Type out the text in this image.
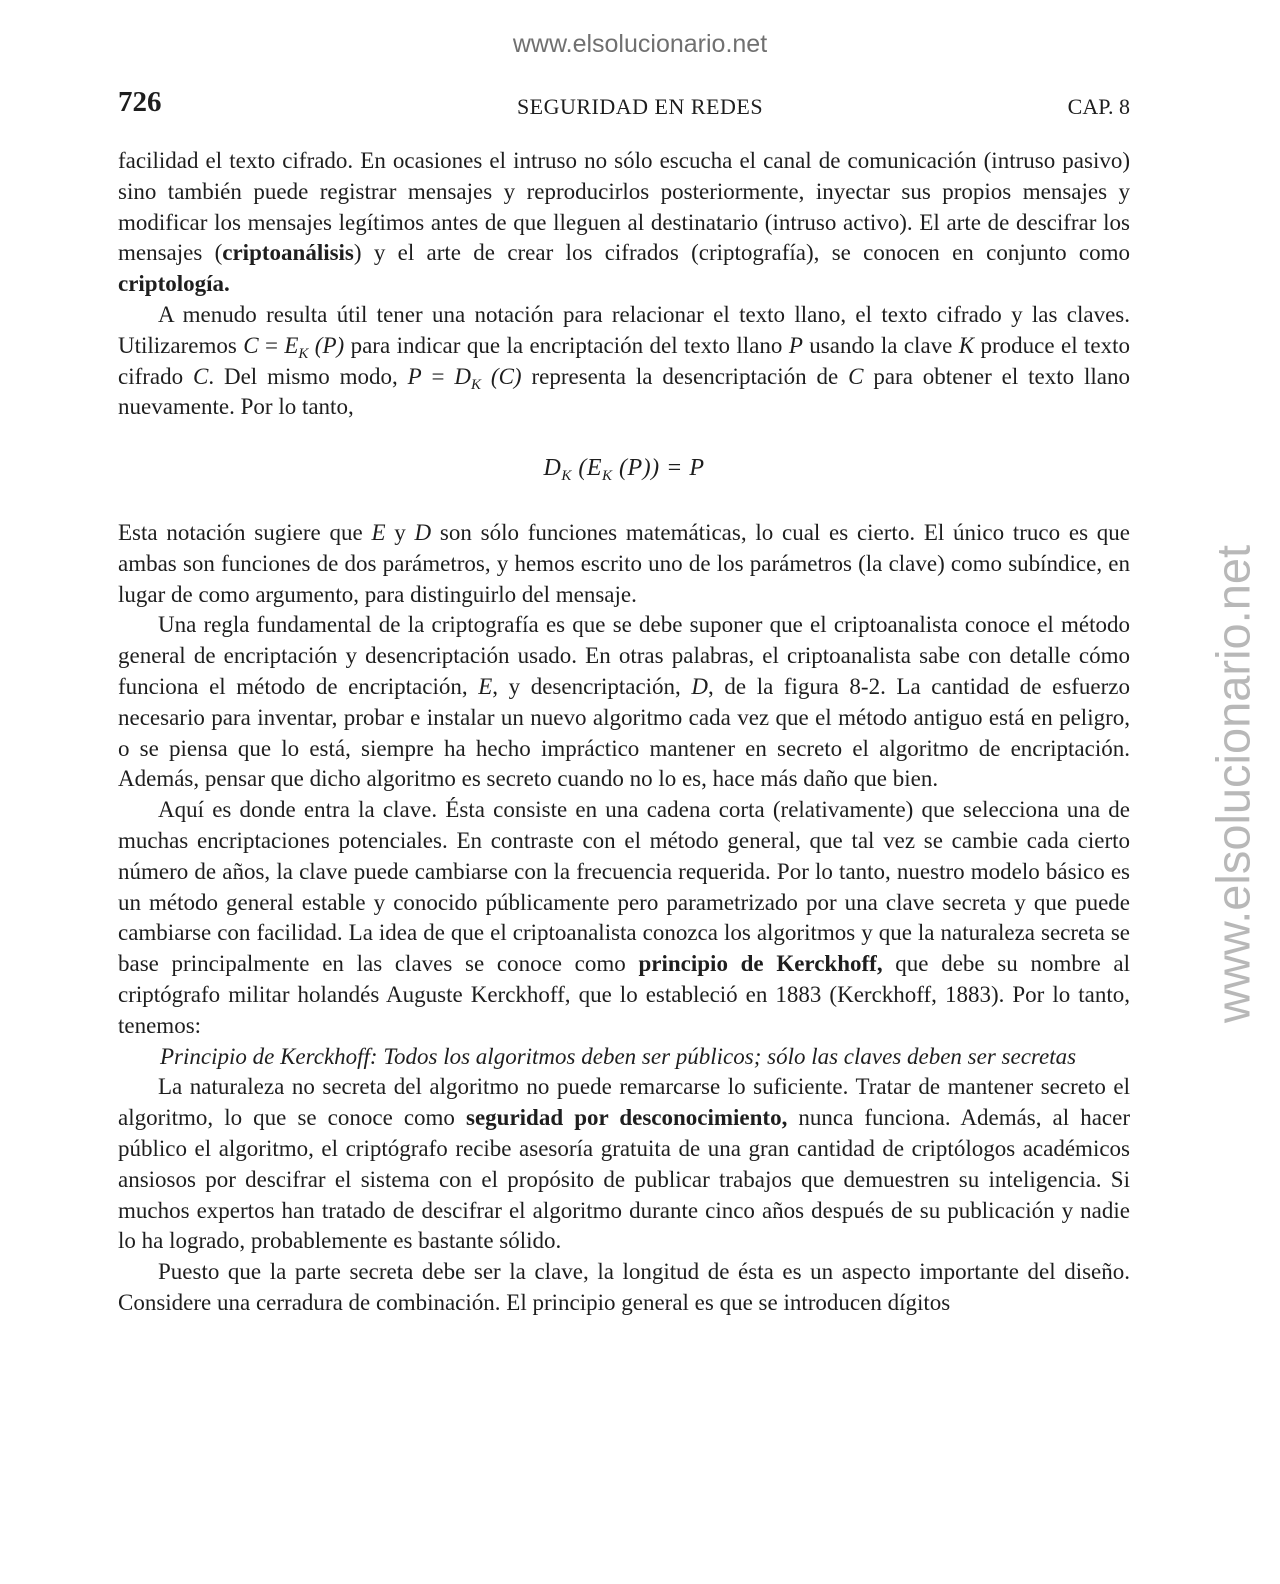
www.elsolucionario.net
www.elsolucionario.net
726	SEGURIDAD EN REDES	CAP. 8

facilidad el texto cifrado. En ocasiones el intruso no sólo escucha el canal de comunicación (intruso pasivo) sino también puede registrar mensajes y reproducirlos posteriormente, inyectar sus propios mensajes y modificar los mensajes legítimos antes de que lleguen al destinatario (intruso activo). El arte de descifrar los mensajes (criptoanálisis) y el arte de crear los cifrados (criptografía), se conocen en conjunto como criptología.

A menudo resulta útil tener una notación para relacionar el texto llano, el texto cifrado y las claves. Utilizaremos $C = E_K$ (P) para indicar que la encriptación del texto llano P usando la clave K produce el texto cifrado C. Del mismo modo, $P = D_K$ (C) representa la desencriptación de C para obtener el texto llano nuevamente. Por lo tanto,

$D_K$ ($E_K$ (P)) = P

Esta notación sugiere que E y D son sólo funciones matemáticas, lo cual es cierto. El único truco es que ambas son funciones de dos parámetros, y hemos escrito uno de los parámetros (la clave) como subíndice, en lugar de como argumento, para distinguirlo del mensaje.

Una regla fundamental de la criptografía es que se debe suponer que el criptoanalista conoce el método general de encriptación y desencriptación usado. En otras palabras, el criptoanalista sabe con detalle cómo funciona el método de encriptación, E, y desencriptación, D, de la figura 8-2. La cantidad de esfuerzo necesario para inventar, probar e instalar un nuevo algoritmo cada vez que el método antiguo está en peligro, o se piensa que lo está, siempre ha hecho impráctico mantener en secreto el algoritmo de encriptación. Además, pensar que dicho algoritmo es secreto cuando no lo es, hace más daño que bien.

Aquí es donde entra la clave. Ésta consiste en una cadena corta (relativamente) que selecciona una de muchas encriptaciones potenciales. En contraste con el método general, que tal vez se cambie cada cierto número de años, la clave puede cambiarse con la frecuencia requerida. Por lo tanto, nuestro modelo básico es un método general estable y conocido públicamente pero parametrizado por una clave secreta y que puede cambiarse con facilidad. La idea de que el criptoanalista conozca los algoritmos y que la naturaleza secreta se base principalmente en las claves se conoce como principio de Kerckhoff, que debe su nombre al criptógrafo militar holandés Auguste Kerckhoff, que lo estableció en 1883 (Kerckhoff, 1883). Por lo tanto, tenemos:

Principio de Kerckhoff: Todos los algoritmos deben ser públicos; sólo las claves deben ser secretas

La naturaleza no secreta del algoritmo no puede remarcarse lo suficiente. Tratar de mantener secreto el algoritmo, lo que se conoce como seguridad por desconocimiento, nunca funciona. Además, al hacer público el algoritmo, el criptógrafo recibe asesoría gratuita de una gran cantidad de criptólogos académicos ansiosos por descifrar el sistema con el propósito de publicar trabajos que demuestren su inteligencia. Si muchos expertos han tratado de descifrar el algoritmo durante cinco años después de su publicación y nadie lo ha logrado, probablemente es bastante sólido.

Puesto que la parte secreta debe ser la clave, la longitud de ésta es un aspecto importante del diseño. Considere una cerradura de combinación. El principio general es que se introducen dígitos
